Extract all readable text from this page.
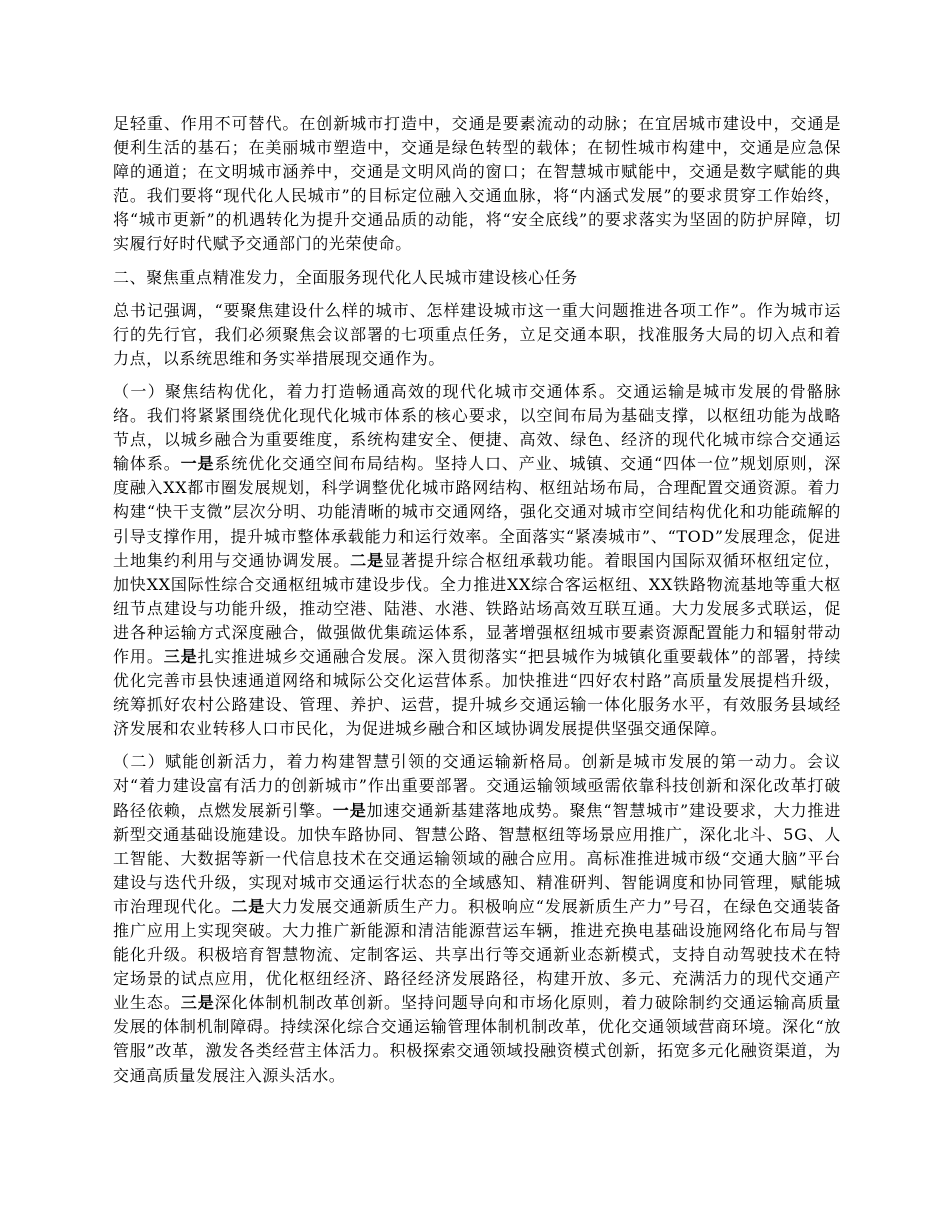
足轻重、作用不可替代。在创新城市打造中，交通是要素流动的动脉；在宜居城市建设中，交通是便利生活的基石；在美丽城市塑造中，交通是绿色转型的载体；在韧性城市构建中，交通是应急保障的通道；在文明城市涵养中，交通是文明风尚的窗口；在智慧城市赋能中，交通是数字赋能的典范。我们要将“现代化人民城市”的目标定位融入交通血脉，将“内涵式发展”的要求贯穿工作始终，将“城市更新”的机遇转化为提升交通品质的动能，将“安全底线”的要求落实为坚固的防护屏障，切实履行好时代赋予交通部门的光荣使命。

二、聚焦重点精准发力，全面服务现代化人民城市建设核心任务

总书记强调，“要聚焦建设什么样的城市、怎样建设城市这一重大问题推进各项工作”。作为城市运行的先行官，我们必须聚焦会议部署的七项重点任务，立足交通本职，找准服务大局的切入点和着力点，以系统思维和务实举措展现交通作为。

（一）聚焦结构优化，着力打造畅通高效的现代化城市交通体系。交通运输是城市发展的骨骼脉络。我们将紧紧围绕优化现代化城市体系的核心要求，以空间布局为基础支撑，以枢纽功能为战略节点，以城乡融合为重要维度，系统构建安全、便捷、高效、绿色、经济的现代化城市综合交通运输体系。一是系统优化交通空间布局结构。坚持人口、产业、城镇、交通“四体一位”规划原则，深度融入XX都市圈发展规划，科学调整优化城市路网结构、枢纽站场布局，合理配置交通资源。着力构建“快干支微”层次分明、功能清晰的城市交通网络，强化交通对城市空间结构优化和功能疏解的引导支撑作用，提升城市整体承载能力和运行效率。全面落实“紧凑城市”、“TOD”发展理念，促进土地集约利用与交通协调发展。二是显著提升综合枢纽承载功能。着眼国内国际双循环枢纽定位，加快XX国际性综合交通枢纽城市建设步伐。全力推进XX综合客运枢纽、XX铁路物流基地等重大枢纽节点建设与功能升级，推动空港、陆港、水港、铁路站场高效互联互通。大力发展多式联运，促进各种运输方式深度融合，做强做优集疏运体系，显著增强枢纽城市要素资源配置能力和辐射带动作用。三是扎实推进城乡交通融合发展。深入贯彻落实“把县城作为城镇化重要载体”的部署，持续优化完善市县快速通道网络和城际公交化运营体系。加快推进“四好农村路”高质量发展提档升级，统筹抓好农村公路建设、管理、养护、运营，提升城乡交通运输一体化服务水平，有效服务县域经济发展和农业转移人口市民化，为促进城乡融合和区域协调发展提供坚强交通保障。

（二）赋能创新活力，着力构建智慧引领的交通运输新格局。创新是城市发展的第一动力。会议对“着力建设富有活力的创新城市”作出重要部署。交通运输领域亟需依靠科技创新和深化改革打破路径依赖，点燃发展新引擎。一是加速交通新基建落地成势。聚焦“智慧城市”建设要求，大力推进新型交通基础设施建设。加快车路协同、智慧公路、智慧枢纽等场景应用推广，深化北斗、5G、人工智能、大数据等新一代信息技术在交通运输领域的融合应用。高标准推进城市级“交通大脑”平台建设与迭代升级，实现对城市交通运行状态的全域感知、精准研判、智能调度和协同管理，赋能城市治理现代化。二是大力发展交通新质生产力。积极响应“发展新质生产力”号召，在绿色交通装备推广应用上实现突破。大力推广新能源和清洁能源营运车辆，推进充换电基础设施网络化布局与智能化升级。积极培育智慧物流、定制客运、共享出行等交通新业态新模式，支持自动驾驶技术在特定场景的试点应用，优化枢纽经济、路径经济发展路径，构建开放、多元、充满活力的现代交通产业生态。三是深化体制机制改革创新。坚持问题导向和市场化原则，着力破除制约交通运输高质量发展的体制机制障碍。持续深化综合交通运输管理体制机制改革，优化交通领域营商环境。深化“放管服”改革，激发各类经营主体活力。积极探索交通领域投融资模式创新，拓宽多元化融资渠道，为交通高质量发展注入源头活水。
